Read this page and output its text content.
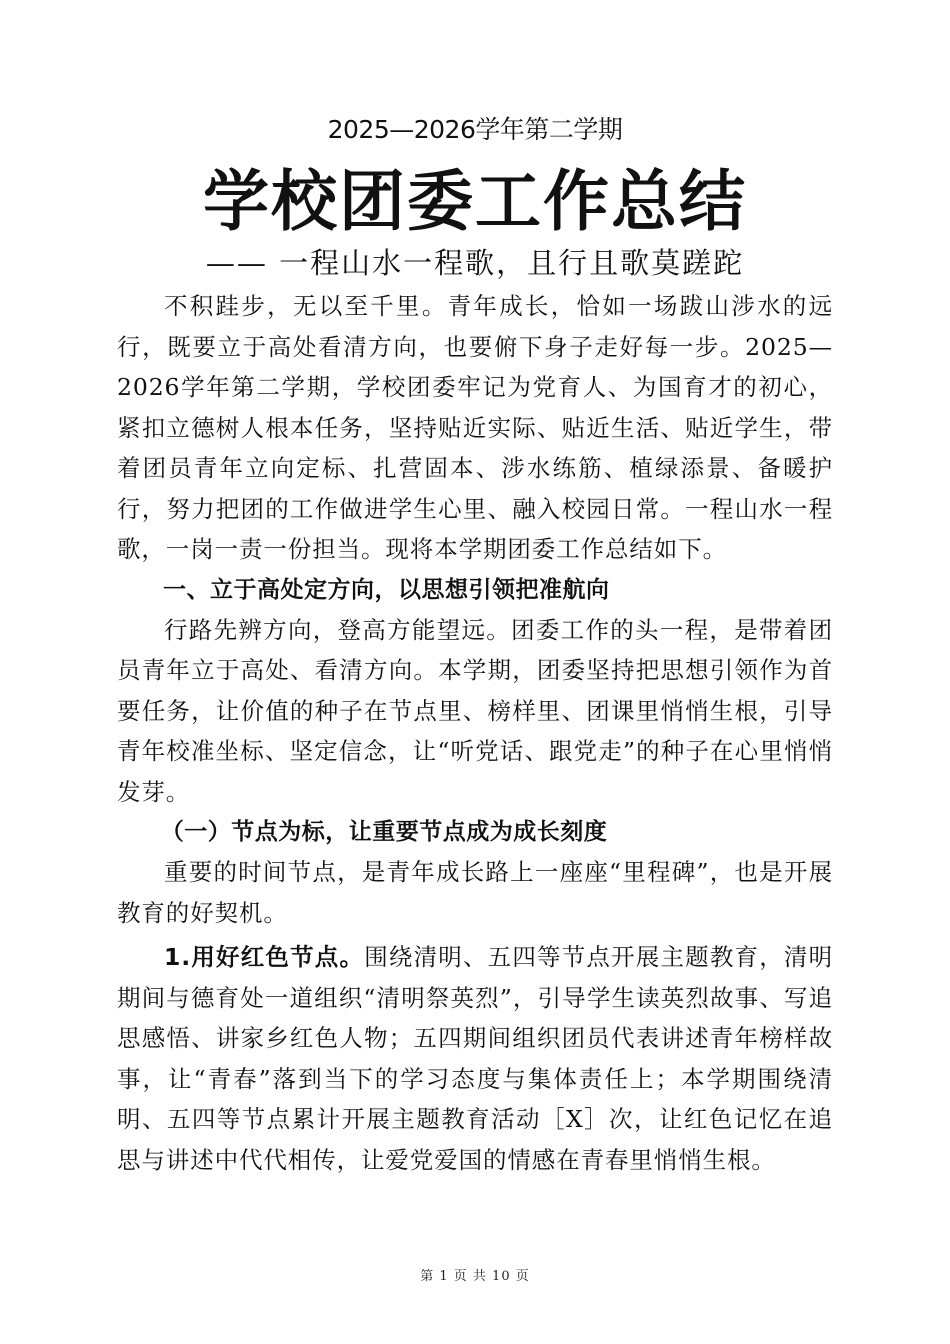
2025—2026学年第二学期
学校团委工作总结
—— 一程山水一程歌，且行且歌莫蹉跎

不积跬步，无以至千里。青年成长，恰如一场跋山涉水的远行，既要立于高处看清方向，也要俯下身子走好每一步。2025—2026学年第二学期，学校团委牢记为党育人、为国育才的初心，紧扣立德树人根本任务，坚持贴近实际、贴近生活、贴近学生，带着团员青年立向定标、扎营固本、涉水练筋、植绿添景、备暖护行，努力把团的工作做进学生心里、融入校园日常。一程山水一程歌，一岗一责一份担当。现将本学期团委工作总结如下。

一、立于高处定方向，以思想引领把准航向

行路先辨方向，登高方能望远。团委工作的头一程，是带着团员青年立于高处、看清方向。本学期，团委坚持把思想引领作为首要任务，让价值的种子在节点里、榜样里、团课里悄悄生根，引导青年校准坐标、坚定信念，让“听党话、跟党走”的种子在心里悄悄发芽。

（一）节点为标，让重要节点成为成长刻度

重要的时间节点，是青年成长路上一座座“里程碑”，也是开展教育的好契机。

1.用好红色节点。围绕清明、五四等节点开展主题教育，清明期间与德育处一道组织“清明祭英烈”，引导学生读英烈故事、写追思感悟、讲家乡红色人物；五四期间组织团员代表讲述青年榜样故事，让“青春”落到当下的学习态度与集体责任上；本学期围绕清明、五四等节点累计开展主题教育活动［X］次，让红色记忆在追思与讲述中代代相传，让爱党爱国的情感在青春里悄悄生根。

第 1 页 共 10 页
